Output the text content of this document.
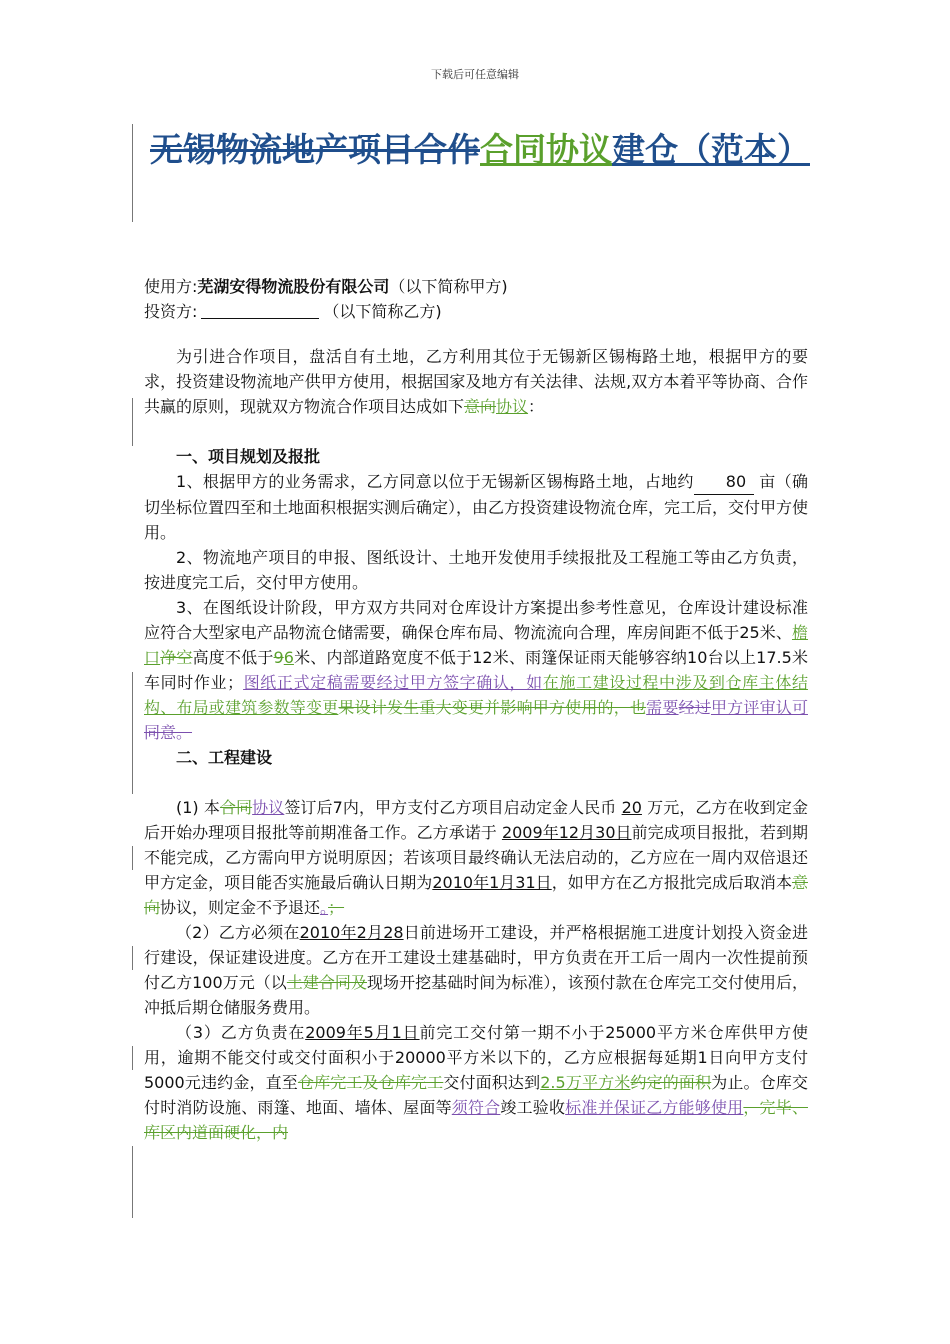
下载后可任意编辑
无锡物流地产项目合作合同协议建仓（范本）
使用方:芜湖安得物流股份有限公司（以下简称甲方)
投资方:	（以下简称乙方)

为引进合作项目，盘活自有土地，乙方利用其位于无锡新区锡梅路土地，根据甲方的要求，投资建设物流地产供甲方使用，根据国家及地方有关法律、法规,双方本着平等协商、合作共赢的原则，现就双方物流合作项目达成如下意向协议：

一、项目规划及报批

1、根据甲方的业务需求，乙方同意以位于无锡新区锡梅路土地，占地约 80 亩（确切坐标位置四至和土地面积根据实测后确定），由乙方投资建设物流仓库，完工后，交付甲方使用。

2、物流地产项目的申报、图纸设计、土地开发使用手续报批及工程施工等由乙方负责，按进度完工后，交付甲方使用。

3、在图纸设计阶段，甲方双方共同对仓库设计方案提出参考性意见，仓库设计建设标准应符合大型家电产品物流仓储需要，确保仓库布局、物流流向合理，库房间距不低于25米、檐口净空高度不低于96米、内部道路宽度不低于12米、雨篷保证雨天能够容纳10台以上17.5米车同时作业；图纸正式定稿需要经过甲方签字确认，如在施工建设过程中涉及到仓库主体结构、布局或建筑参数等变更果设计发生重大变更并影响甲方使用的，也需要经过甲方评审认可同意。

二、工程建设

(1) 本合同协议签订后7内，甲方支付乙方项目启动定金人民币 20 万元，乙方在收到定金后开始办理项目报批等前期准备工作。乙方承诺于 2009年12月30日前完成项目报批，若到期不能完成，乙方需向甲方说明原因；若该项目最终确认无法启动的，乙方应在一周内双倍退还甲方定金，项目能否实施最后确认日期为2010年1月31日，如甲方在乙方报批完成后取消本意向协议，则定金不予退还。；

（2）乙方必须在2010年2月28日前进场开工建设，并严格根据施工进度计划投入资金进行建设，保证建设进度。乙方在开工建设土建基础时，甲方负责在开工后一周内一次性提前预付乙方100万元（以土建合同及现场开挖基础时间为标准），该预付款在仓库完工交付使用后，冲抵后期仓储服务费用。

（3）乙方负责在2009年5月1日前完工交付第一期不小于25000平方米仓库供甲方使用，逾期不能交付或交付面积小于20000平方米以下的，乙方应根据每延期1日向甲方支付5000元违约金，直至仓库完工及仓库完工交付面积达到2.5万平方米约定的面积为止。仓库交付时消防设施、雨篷、地面、墙体、屋面等须符合竣工验收标准并保证乙方能够使用，完毕、库区内道面硬化，内
